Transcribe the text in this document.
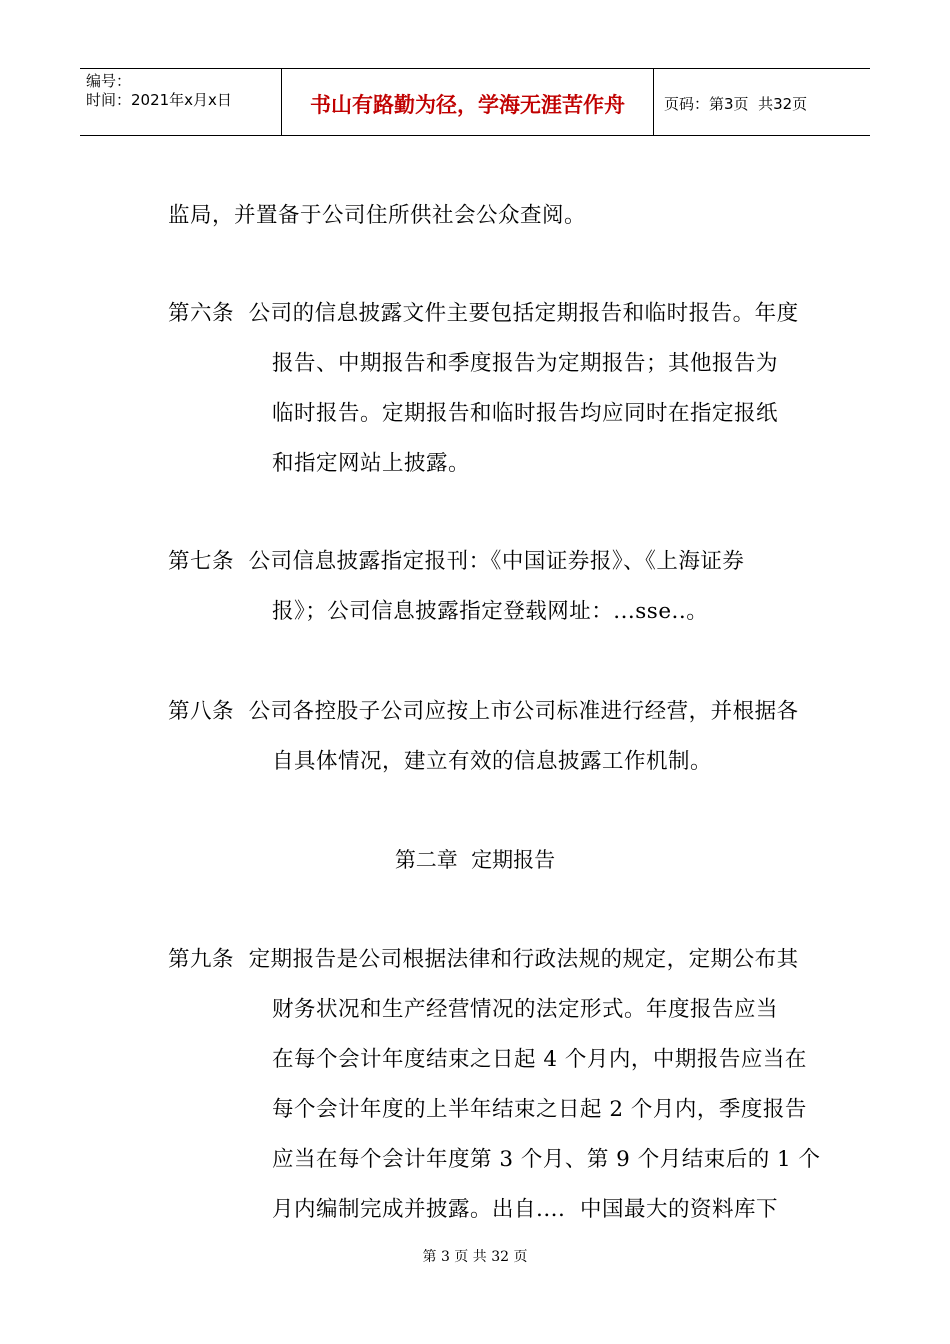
编号：
时间：2021年x月x日	书山有路勤为径，学海无涯苦作舟	页码：第3页  共32页
监局，并置备于公司住所供社会公众查阅。
第六条  公司的信息披露文件主要包括定期报告和临时报告。年度
报告、中期报告和季度报告为定期报告；其他报告为
临时报告。定期报告和临时报告均应同时在指定报纸
和指定网站上披露。
第七条  公司信息披露指定报刊：《中国证券报》、《上海证券
报》；公司信息披露指定登载网址：...sse..。
第八条  公司各控股子公司应按上市公司标准进行经营，并根据各
自具体情况，建立有效的信息披露工作机制。
第二章  定期报告
第九条  定期报告是公司根据法律和行政法规的规定，定期公布其
财务状况和生产经营情况的法定形式。年度报告应当
在每个会计年度结束之日起 4 个月内，中期报告应当在
每个会计年度的上半年结束之日起 2 个月内，季度报告
应当在每个会计年度第 3 个月、第 9 个月结束后的 1 个
月内编制完成并披露。出自....  中国最大的资料库下
第 3 页 共 32 页
